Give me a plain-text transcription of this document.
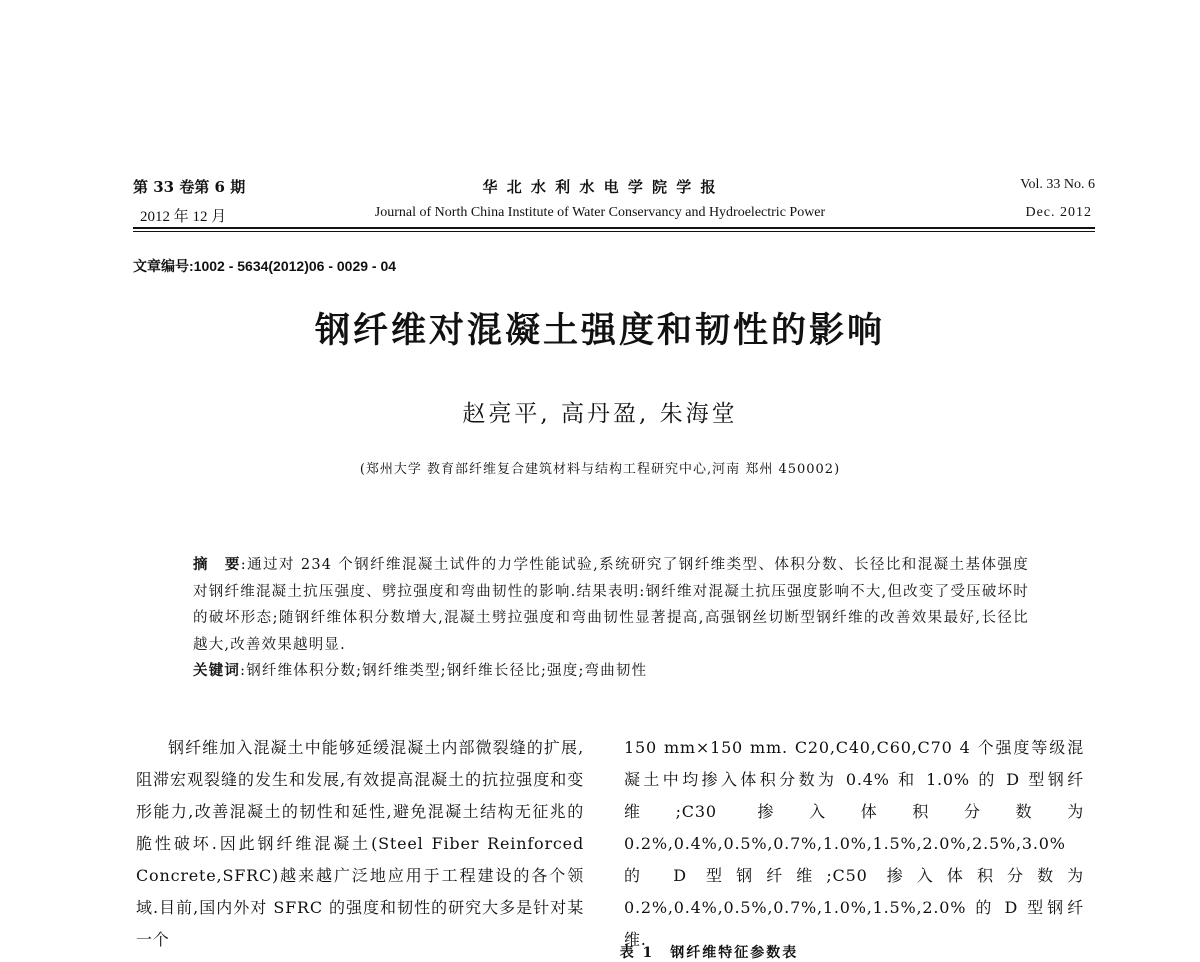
第 33 卷第 6 期	华 北 水 利 水 电 学 院 学 报	Vol. 33 No. 6
2012 年 12 月	Journal of North China Institute of Water Conservancy and Hydroelectric Power	Dec. 2012
文章编号:1002 - 5634(2012)06 - 0029 - 04
钢纤维对混凝土强度和韧性的影响
赵亮平, 高丹盈, 朱海堂
(郑州大学 教育部纤维复合建筑材料与结构工程研究中心,河南 郑州 450002)

摘　要:通过对 234 个钢纤维混凝土试件的力学性能试验,系统研究了钢纤维类型、体积分数、长径比和混凝土基体强度对钢纤维混凝土抗压强度、劈拉强度和弯曲韧性的影响.结果表明:钢纤维对混凝土抗压强度影响不大,但改变了受压破坏时的破坏形态;随钢纤维体积分数增大,混凝土劈拉强度和弯曲韧性显著提高,高强钢丝切断型钢纤维的改善效果最好,长径比越大,改善效果越明显.

关键词:钢纤维体积分数;钢纤维类型;钢纤维长径比;强度;弯曲韧性

钢纤维加入混凝土中能够延缓混凝土内部微裂缝的扩展,阻滞宏观裂缝的发生和发展,有效提高混凝土的抗拉强度和变形能力,改善混凝土的韧性和延性,避免混凝土结构无征兆的脆性破坏.因此钢纤维混凝土(Steel Fiber Reinforced Concrete,SFRC)越来越广泛地应用于工程建设的各个领域.目前,国内外对 SFRC 的强度和韧性的研究大多是针对某一个

150 mm×150 mm. C20,C40,C60,C70 4 个强度等级混凝土中均掺入体积分数为 0.4% 和 1.0% 的 D 型钢纤维;C30 掺入体积分数为 0.2%,0.4%,0.5%,0.7%,1.0%,1.5%,2.0%,2.5%,3.0% 的 D 型钢纤维;C50 掺入体积分数为 0.2%,0.4%,0.5%,0.7%,1.0%,1.5%,2.0% 的 D 型钢纤维.

表 1　钢纤维特征参数表
